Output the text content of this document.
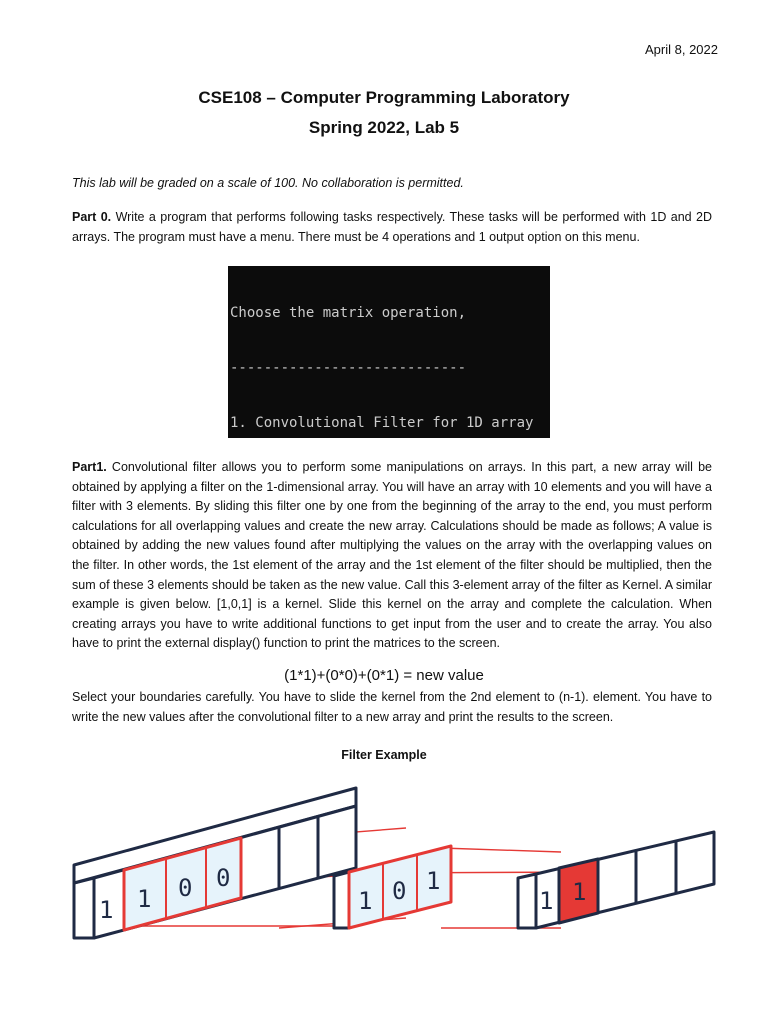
April 8, 2022
CSE108 – Computer Programming Laboratory
Spring 2022, Lab 5
This lab will be graded on a scale of 100. No collaboration is permitted.
Part 0. Write a program that performs following tasks respectively. These tasks will be performed with 1D and 2D arrays. The program must have a menu. There must be 4 operations and 1 output option on this menu.

Choose the matrix operation,

----------------------------

1. Convolutional Filter for 1D array

Part1. Convolutional filter allows you to perform some manipulations on arrays. In this part, a new array will be obtained by applying a filter on the 1-dimensional array. You will have an array with 10 elements and you will have a filter with 3 elements. By sliding this filter one by one from the beginning of the array to the end, you must perform calculations for all overlapping values and create the new array. Calculations should be made as follows; A value is obtained by adding the new values found after multiplying the values on the array with the overlapping values on the filter. In other words, the 1st element of the array and the 1st element of the filter should be multiplied, then the sum of these 3 elements should be taken as the new value. Call this 3-element array of the filter as Kernel. A similar example is given below. [1,0,1] is a kernel. Slide this kernel on the array and complete the calculation. When creating arrays you have to write additional functions to get input from the user and to create the array. You also have to print the external display() function to print the matrices to the screen.
(1*1)+(0*0)+(0*1) = new value
Select your boundaries carefully. You have to slide the kernel from the 2nd element to (n-1). element. You have to write the new values after the convolutional filter to a new array and print the results to the screen.
Filter Example
1 1 0 0
1 0 1
1 1
